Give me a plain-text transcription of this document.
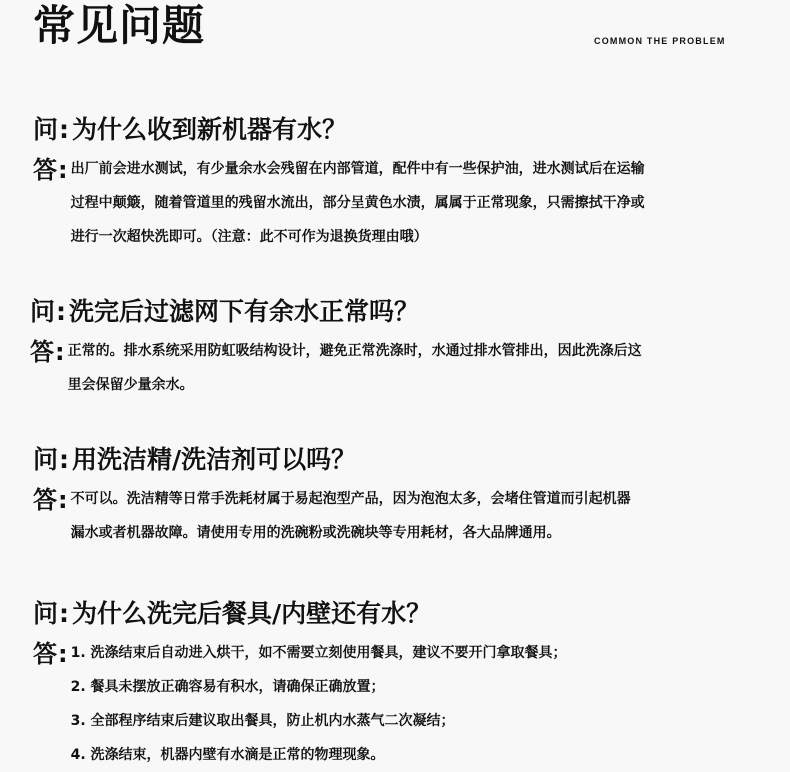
常见问题	COMMON THE PROBLEM
问 : 为什么收到新机器有水？
答 : 出厂前会进水测试，有少量余水会残留在内部管道，配件中有一些保护油，进水测试后在运输
过程中颠簸，随着管道里的残留水流出，部分呈黄色水渍，属属于正常现象，只需擦拭干净或
进行一次超快洗即可。（注意：此不可作为退换货理由哦）
问 : 洗完后过滤网下有余水正常吗？
答 : 正常的。排水系统采用防虹吸结构设计，避免正常洗涤时，水通过排水管排出，因此洗涤后这
里会保留少量余水。
问 : 用洗洁精/洗洁剂可以吗？
答 : 不可以。洗洁精等日常手洗耗材属于易起泡型产品，因为泡泡太多，会堵住管道而引起机器
漏水或者机器故障。请使用专用的洗碗粉或洗碗块等专用耗材，各大品牌通用。
问 : 为什么洗完后餐具/内壁还有水？
答 : 1. 洗涤结束后自动进入烘干，如不需要立刻使用餐具，建议不要开门拿取餐具；
2. 餐具未摆放正确容易有积水，请确保正确放置；
3. 全部程序结束后建议取出餐具，防止机内水蒸气二次凝结；
4. 洗涤结束，机器内壁有水滴是正常的物理现象。
